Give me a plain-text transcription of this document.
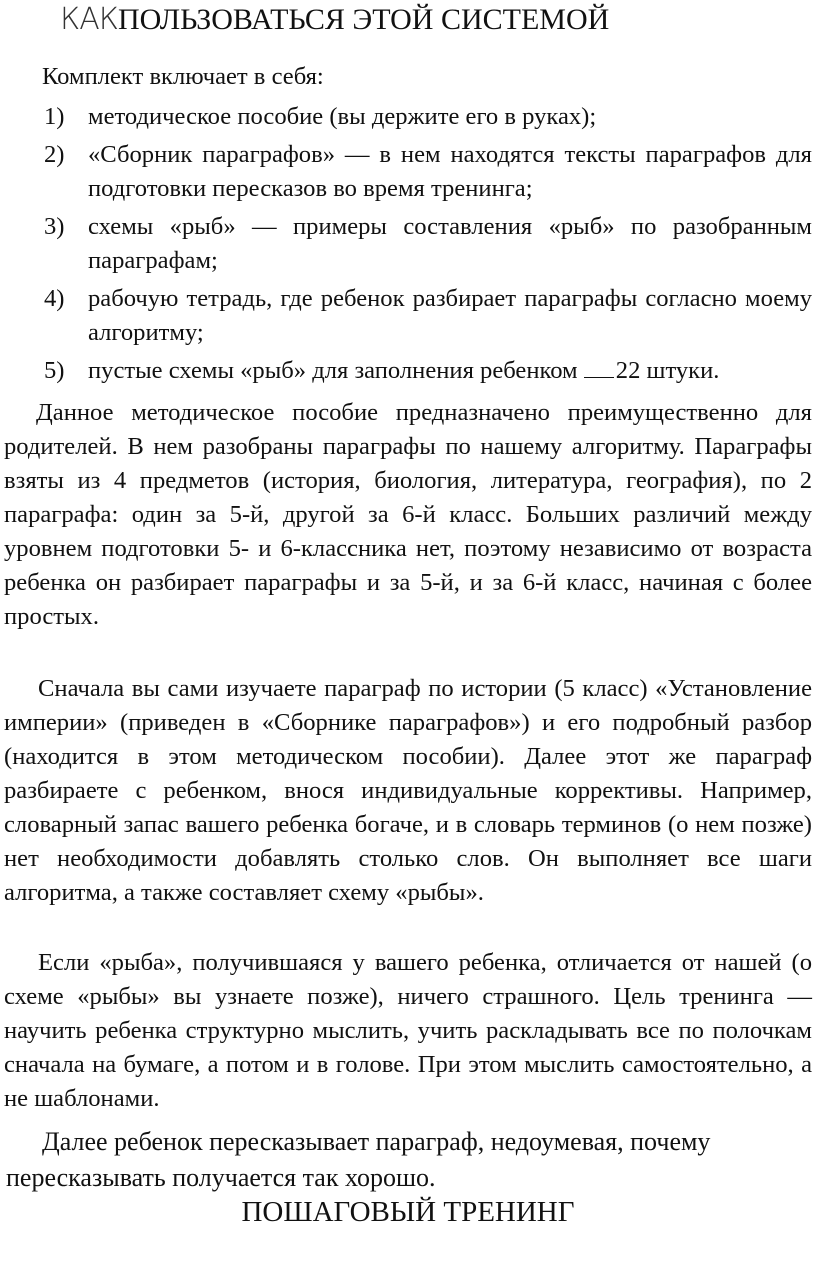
КАКПОЛЬЗОВАТЬСЯ ЭТОЙ СИСТЕМОЙ
Комплект включает в себя:
1) методическое пособие (вы держите его в руках);
2) «Сборник параграфов» — в нем находятся тексты параграфов для подготовки пересказов во время тренинга;
3) схемы «рыб» — примеры составления «рыб» по разобранным параграфам;
4) рабочую тетрадь, где ребенок разбирает параграфы согласно моему алгоритму;
5) пустые схемы «рыб» для заполнения ребенком 22 штуки.
Данное методическое пособие предназначено преимущественно для родителей. В нем разобраны параграфы по нашему алгоритму. Параграфы взяты из 4 предметов (история, биология, литература, география), по 2 параграфа: один за 5-й, другой за 6-й класс. Больших различий между уровнем подготовки 5- и 6-классника нет, поэтому независимо от возраста ребенка он разбирает параграфы и за 5-й, и за 6-й класс, начиная с более простых.
Сначала вы сами изучаете параграф по истории (5 класс) «Установление империи» (приведен в «Сборнике параграфов») и его подробный разбор (находится в этом методическом пособии). Далее этот же параграф разбираете с ребенком, внося индивидуальные коррективы. Например, словарный запас вашего ребенка богаче, и в словарь терминов (о нем позже) нет необходимости добавлять столько слов. Он выполняет все шаги алгоритма, а также составляет схему «рыбы».
Если «рыба», получившаяся у вашего ребенка, отличается от нашей (о схеме «рыбы» вы узнаете позже), ничего страшного. Цель тренинга — научить ребенка структурно мыслить, учить раскладывать все по полочкам сначала на бумаге, а потом и в голове. При этом мыслить самостоятельно, а не шаблонами.
Далее ребенок пересказывает параграф, недоумевая, почему пересказывать получается так хорошо.
ПОШАГОВЫЙ ТРЕНИНГ
